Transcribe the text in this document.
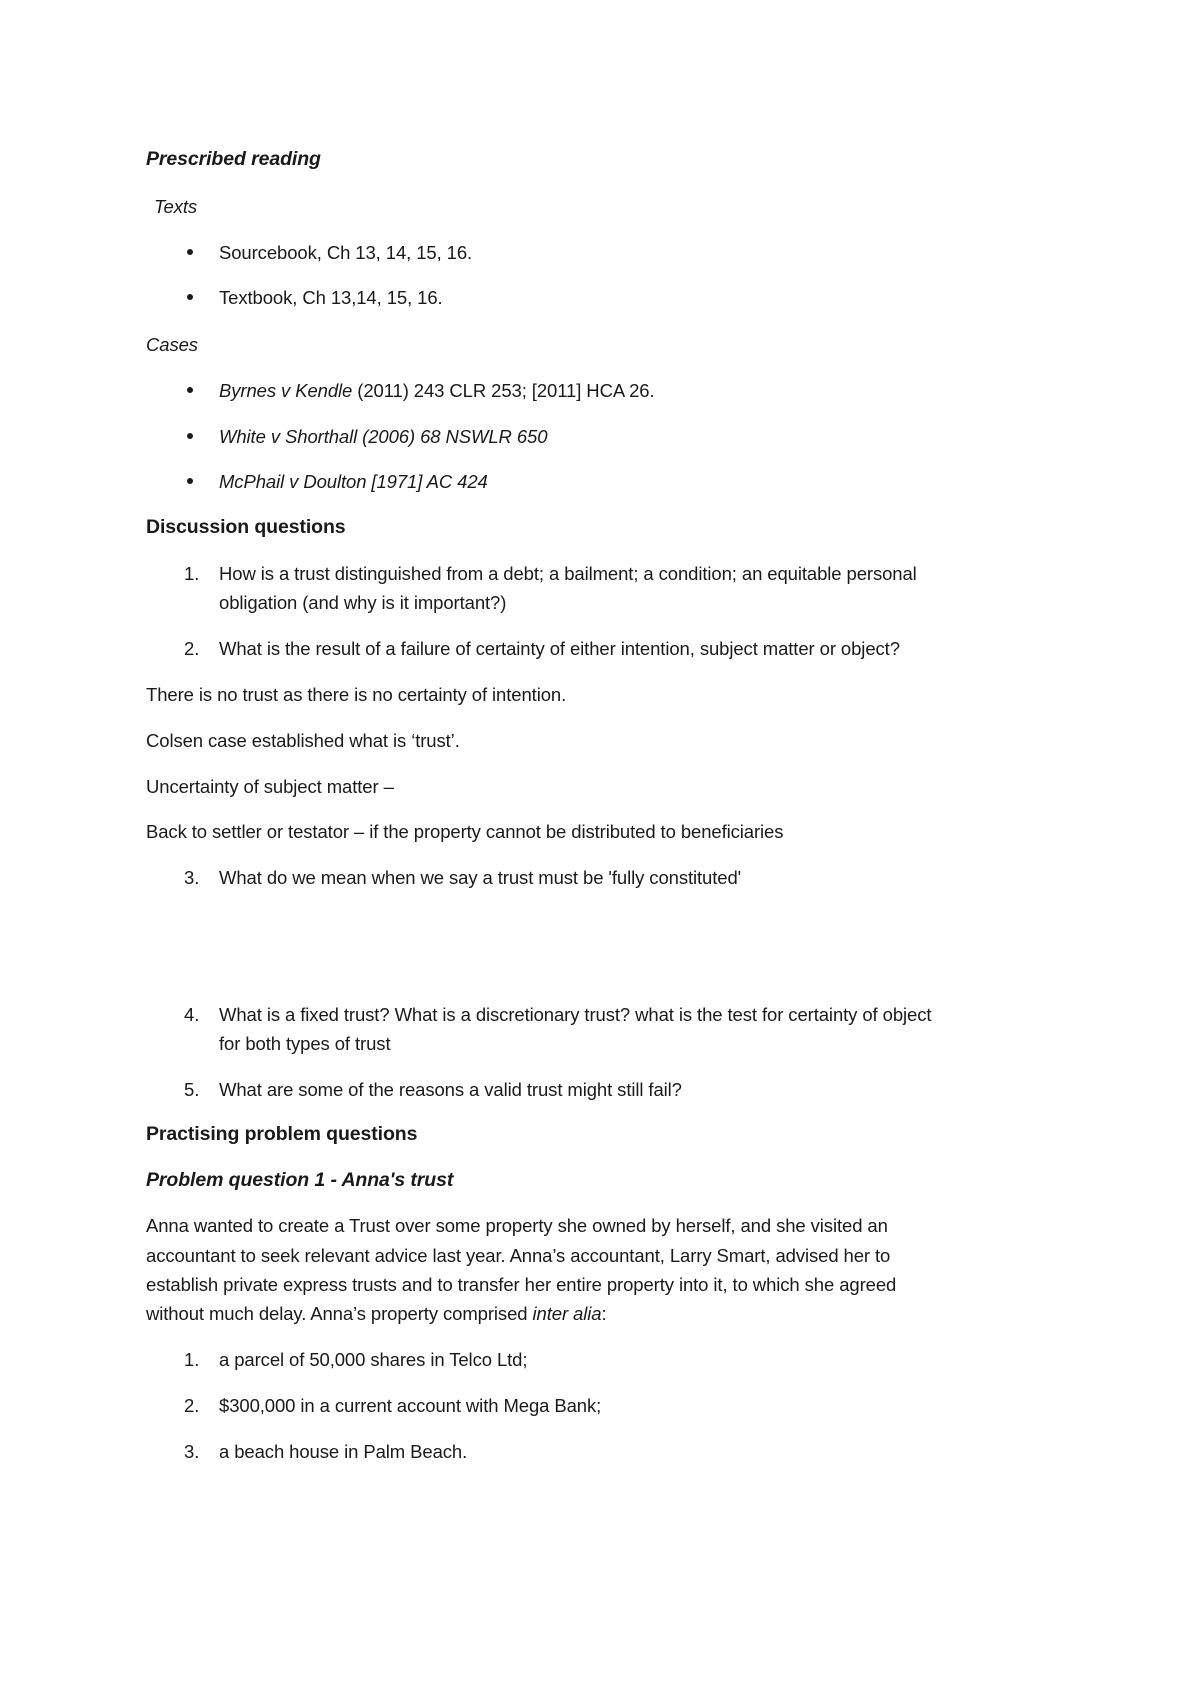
Prescribed reading
Texts
Sourcebook, Ch 13, 14, 15, 16.
Textbook, Ch 13,14, 15, 16.
Cases
Byrnes v Kendle (2011) 243 CLR 253; [2011] HCA 26.
White v Shorthall (2006) 68 NSWLR 650
McPhail v Doulton [1971] AC 424
Discussion questions
1. How is a trust distinguished from a debt; a bailment; a condition; an equitable personal
obligation (and why is it important?)
2. What is the result of a failure of certainty of either intention, subject matter or object?
There is no trust as there is no certainty of intention.
Colsen case established what is ‘trust’.
Uncertainty of subject matter –
Back to settler or testator – if the property cannot be distributed to beneficiaries
3. What do we mean when we say a trust must be 'fully constituted'
4. What is a fixed trust? What is a discretionary trust? what is the test for certainty of object
for both types of trust
5. What are some of the reasons a valid trust might still fail?
Practising problem questions
Problem question 1 - Anna's trust
Anna wanted to create a Trust over some property she owned by herself, and she visited an
accountant to seek relevant advice last year. Anna’s accountant, Larry Smart, advised her to
establish private express trusts and to transfer her entire property into it, to which she agreed
without much delay. Anna’s property comprised inter alia:
1. a parcel of 50,000 shares in Telco Ltd;
2. $300,000 in a current account with Mega Bank;
3. a beach house in Palm Beach.
